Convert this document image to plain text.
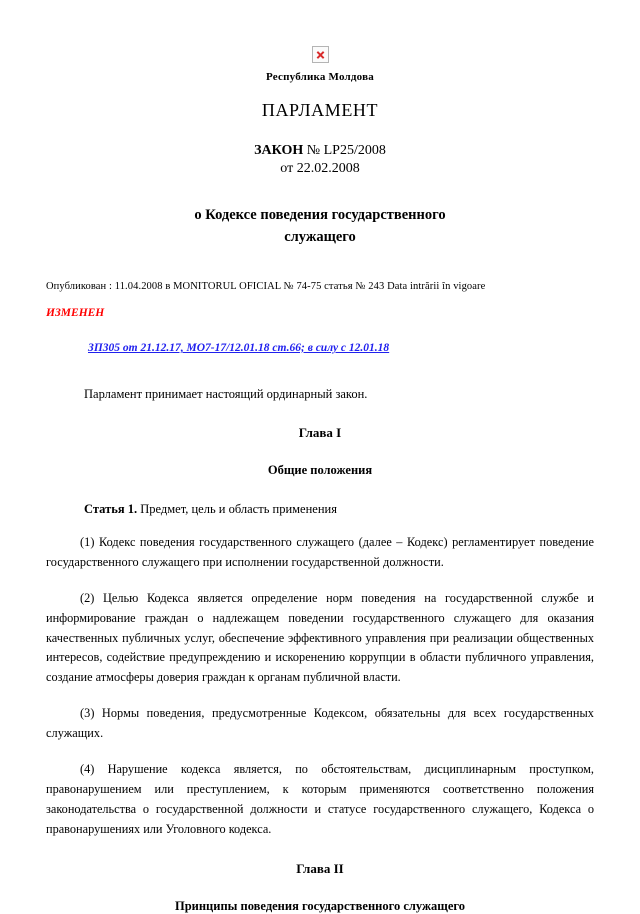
Республика Молдова
ПАРЛАМЕНТ
ЗАКОН № LP25/2008
от 22.02.2008
о Кодексе поведения государственного
служащего
Опубликован : 11.04.2008 в MONITORUL OFICIAL № 74-75 статья № 243 Data intrării în vigoare
ИЗМЕНЕН
ЗП305 от 21.12.17, МО7-17/12.01.18 ст.66; в силу с 12.01.18
Парламент принимает настоящий ординарный закон.
Глава I
Общие положения
Статья 1. Предмет, цель и область применения
(1) Кодекс поведения государственного служащего (далее – Кодекс) регламентирует поведение государственного служащего при исполнении государственной должности.
(2) Целью Кодекса является определение норм поведения на государственной службе и информирование граждан о надлежащем поведении государственного служащего для оказания качественных публичных услуг, обеспечение эффективного управления при реализации общественных интересов, содействие предупреждению и искоренению коррупции в области публичного управления, создание атмосферы доверия граждан к органам публичной власти.
(3) Нормы поведения, предусмотренные Кодексом, обязательны для всех государственных служащих.
(4) Нарушение кодекса является, по обстоятельствам, дисциплинарным проступком, правонарушением или преступлением, к которым применяются соответственно положения законодательства о государственной должности и статусе государственного служащего, Кодекса о правонарушениях или Уголовного кодекса.
Глава II
Принципы поведения государственного служащего
